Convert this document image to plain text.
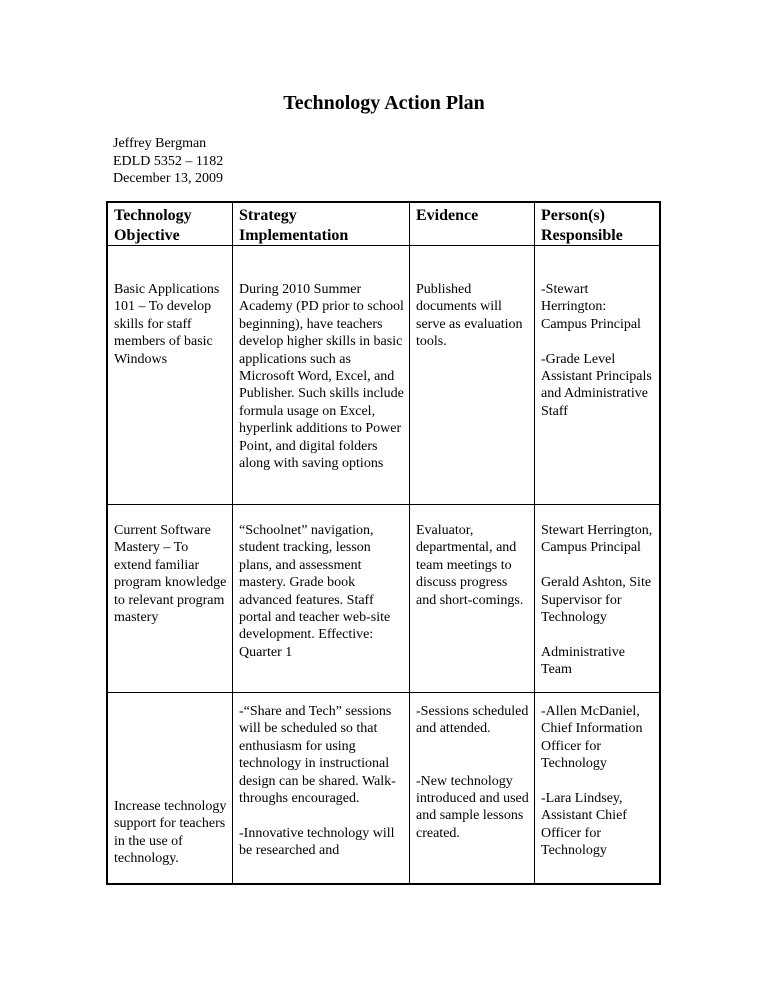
Technology Action Plan
Jeffrey Bergman
EDLD 5352 – 1182
December 13, 2009
Technology
Objective
Strategy
Implementation
Evidence	Person(s)
Responsible
Basic Applications 101 – To develop skills for staff members of basic Windows
During 2010 Summer Academy (PD prior to school beginning), have teachers develop higher skills in basic applications such as Microsoft Word, Excel, and Publisher. Such skills include formula usage on Excel, hyperlink additions to Power Point, and digital folders along with saving options
Published documents will serve as evaluation tools.
-Stewart Herrington: Campus Principal
-Grade Level Assistant Principals and Administrative Staff
Current Software Mastery – To extend familiar program knowledge to relevant program mastery
“Schoolnet” navigation, student tracking, lesson plans, and assessment mastery. Grade book advanced features. Staff portal and teacher web-site development. Effective: Quarter 1
Evaluator, departmental, and team meetings to discuss progress and short-comings.
Stewart Herrington, Campus Principal
Gerald Ashton, Site Supervisor for Technology
Administrative Team
Increase technology support for teachers in the use of technology.
-“Share and Tech” sessions will be scheduled so that enthusiasm for using technology in instructional design can be shared. Walk-throughs encouraged.
-Innovative technology will be researched and
-Sessions scheduled and attended.
-New technology introduced and used and sample lessons created.
-Allen McDaniel, Chief Information Officer for Technology
-Lara Lindsey, Assistant Chief Officer for Technology
